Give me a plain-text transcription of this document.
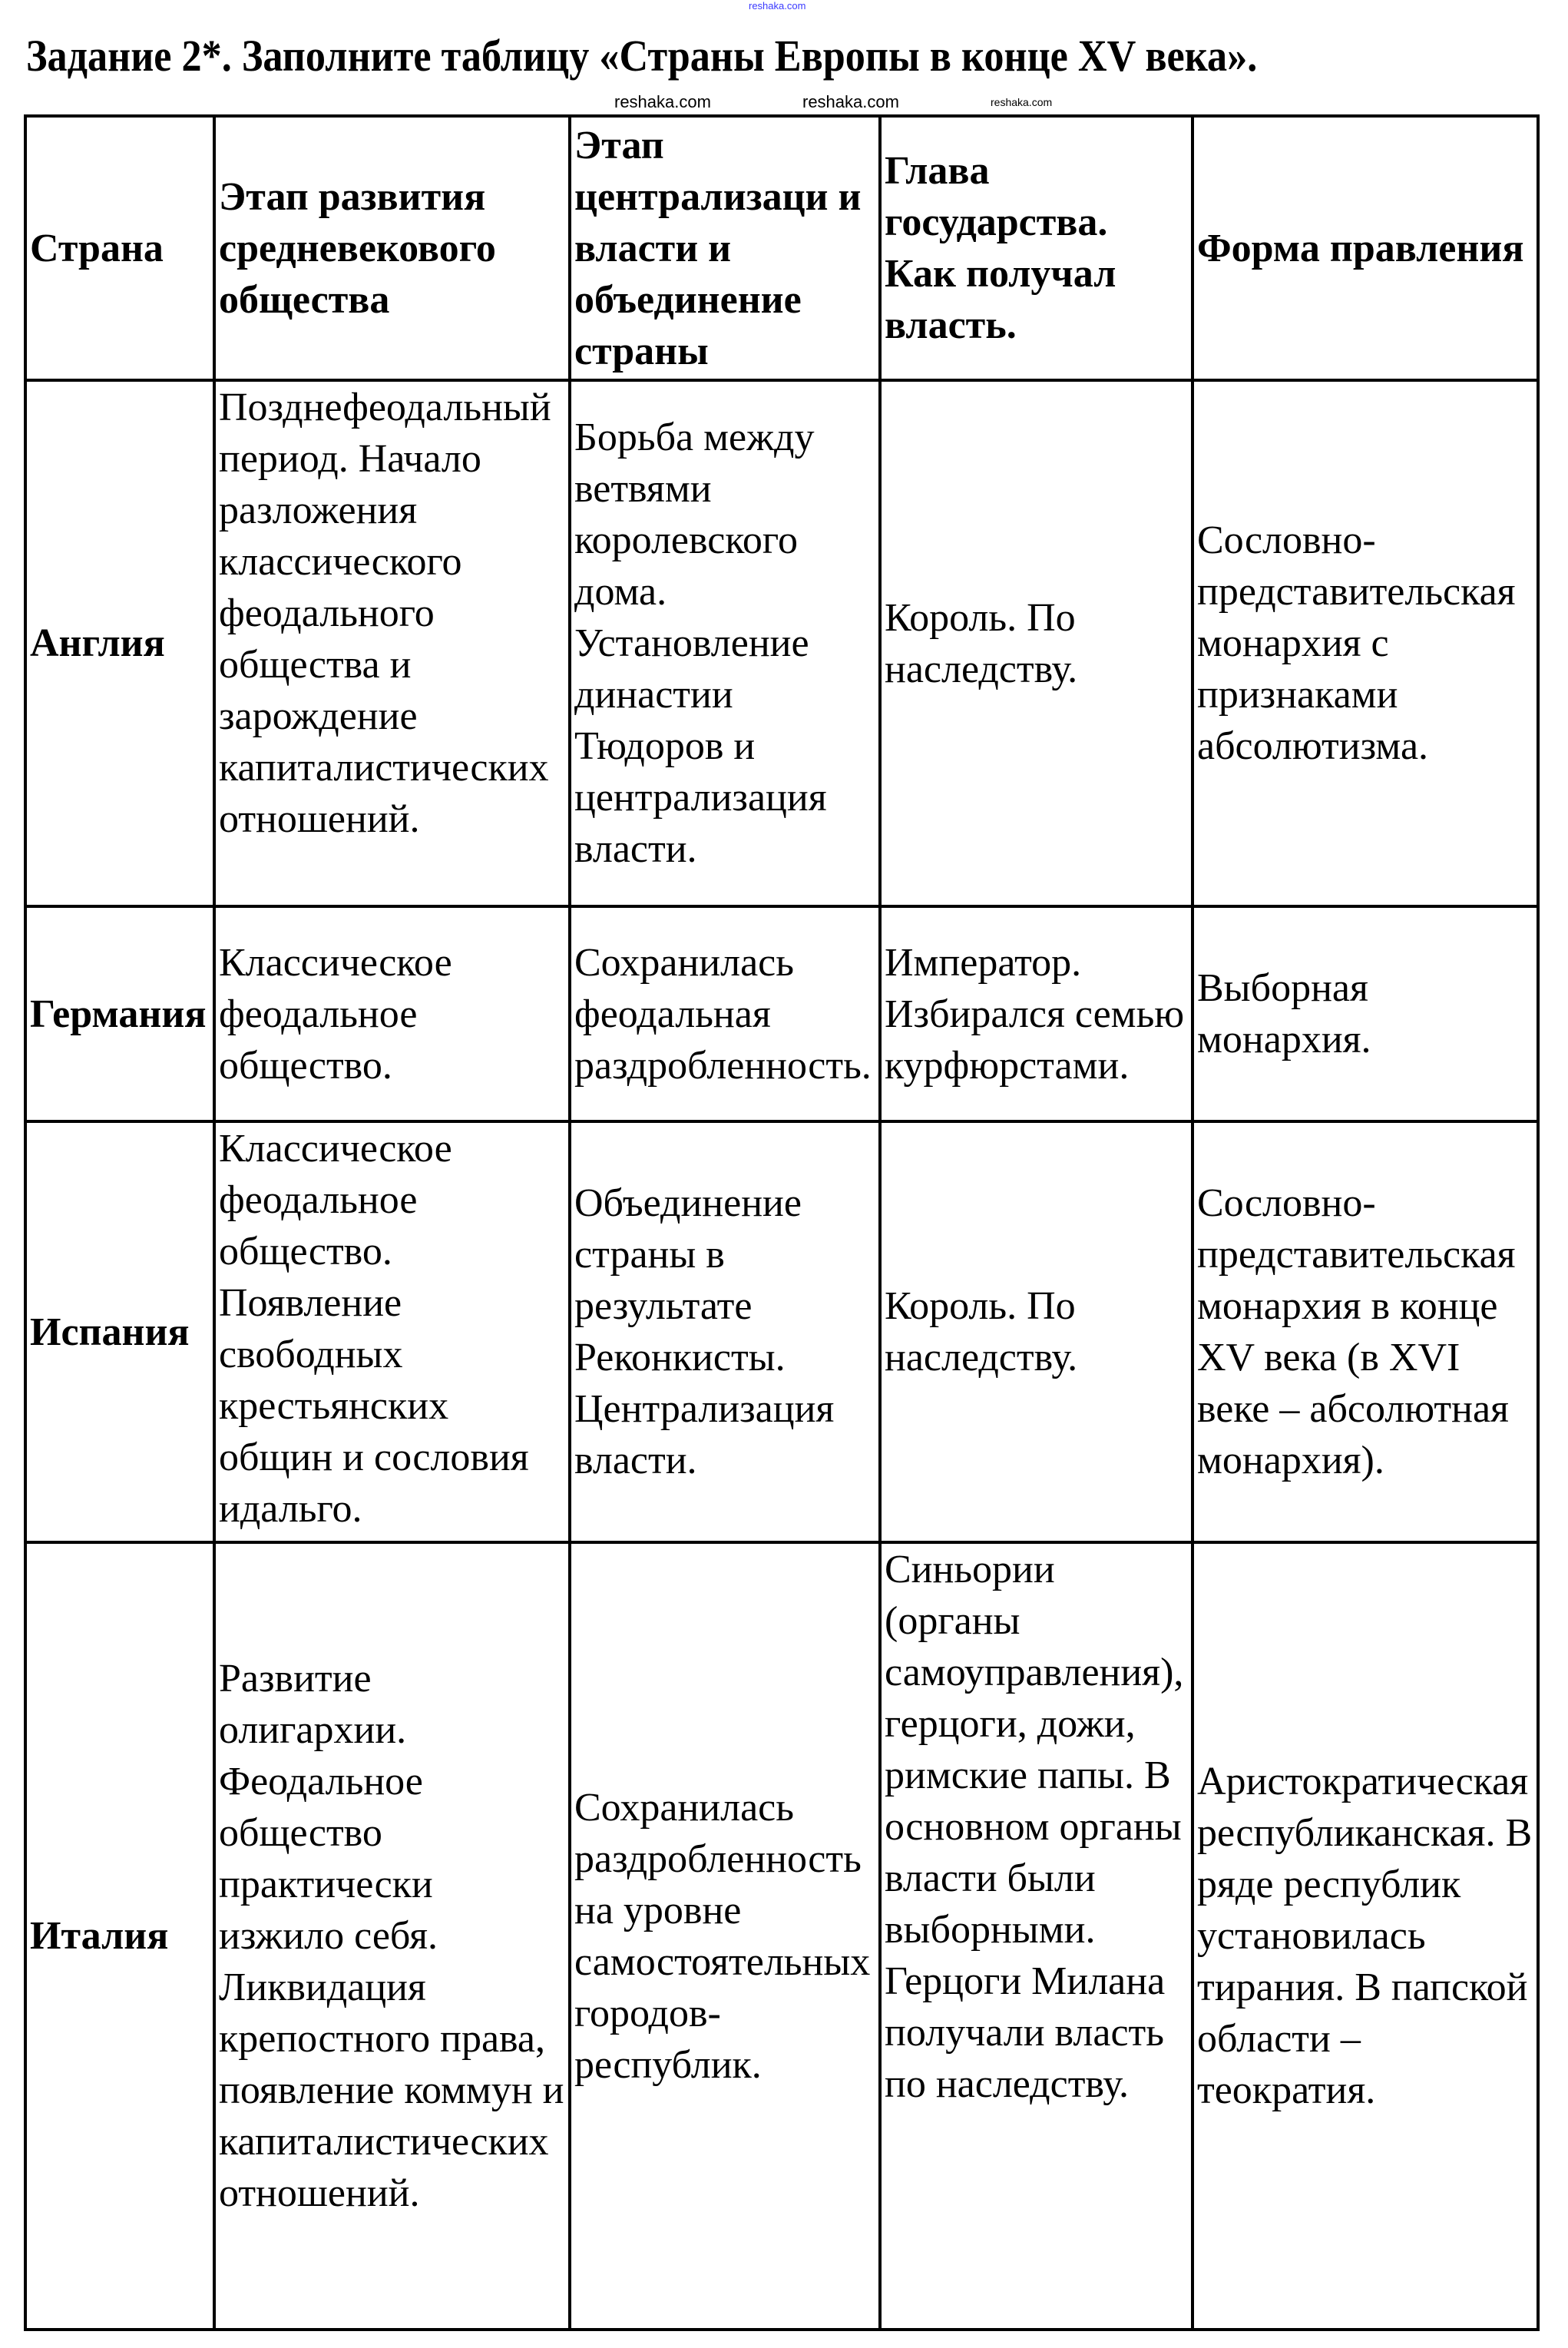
reshaka.com
Задание 2*. Заполните таблицу «Страны Европы в конце XV века».
reshaka.com	reshaka.com	reshaka.com
Страна	Этап развития средневекового общества	Этап централизаци и власти и объединение страны	Глава государства. Как получал власть.	Форма правления
Англия	Позднефеодальный период. Начало разложения классического феодального общества и зарождение капиталистических отношений.	Борьба между ветвями королевского дома. Установление династии Тюдоров и централизация власти.	Король. По наследству.	Сословно-представительская монархия с признаками абсолютизма.
Германия	Классическое феодальное общество.	Сохранилась феодальная раздробленность.	Император. Избирался семью курфюрстами.	Выборная монархия.
Испания	Классическое феодальное общество. Появление свободных крестьянских общин и сословия идальго.	Объединение страны в результате Реконкисты. Централизация власти.	Король. По наследству.	Сословно-представительская монархия в конце XV века (в XVI веке – абсолютная монархия).
Италия	Развитие олигархии. Феодальное общество практически изжило себя. Ликвидация крепостного права, появление коммун и капиталистических отношений.	Сохранилась раздробленность на уровне самостоятельных городов-республик.	Синьории (органы самоуправления), герцоги, дожи, римские папы. В основном органы власти были выборными. Герцоги Милана получали власть по наследству.	Аристократическая республиканская. В ряде республик установилась тирания. В папской области – теократия.
